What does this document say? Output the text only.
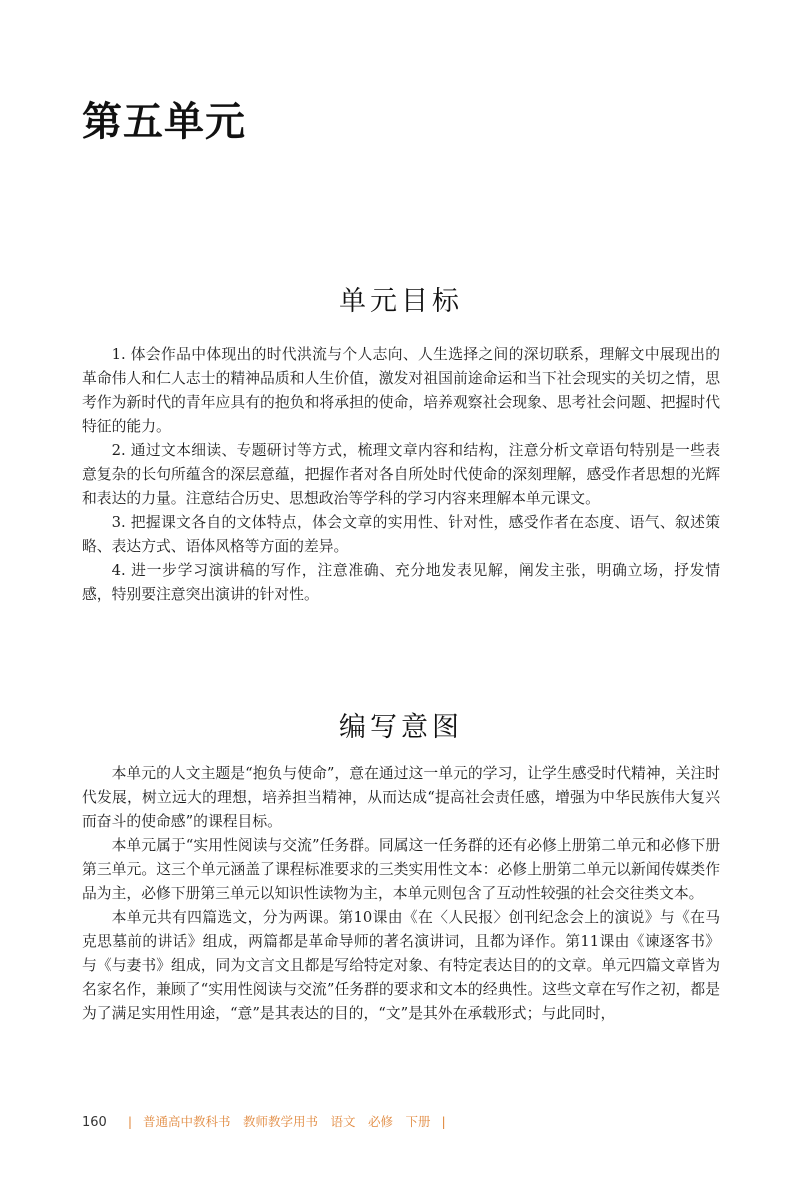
第五单元
单元目标

1. 体会作品中体现出的时代洪流与个人志向、人生选择之间的深切联系，理解文中展现出的革命伟人和仁人志士的精神品质和人生价值，激发对祖国前途命运和当下社会现实的关切之情，思考作为新时代的青年应具有的抱负和将承担的使命，培养观察社会现象、思考社会问题、把握时代特征的能力。

2. 通过文本细读、专题研讨等方式，梳理文章内容和结构，注意分析文章语句特别是一些表意复杂的长句所蕴含的深层意蕴，把握作者对各自所处时代使命的深刻理解，感受作者思想的光辉和表达的力量。注意结合历史、思想政治等学科的学习内容来理解本单元课文。

3. 把握课文各自的文体特点，体会文章的实用性、针对性，感受作者在态度、语气、叙述策略、表达方式、语体风格等方面的差异。

4. 进一步学习演讲稿的写作，注意准确、充分地发表见解，阐发主张，明确立场，抒发情感，特别要注意突出演讲的针对性。

编写意图

本单元的人文主题是“抱负与使命”，意在通过这一单元的学习，让学生感受时代精神，关注时代发展，树立远大的理想，培养担当精神，从而达成“提高社会责任感，增强为中华民族伟大复兴而奋斗的使命感”的课程目标。

本单元属于“实用性阅读与交流”任务群。同属这一任务群的还有必修上册第二单元和必修下册第三单元。这三个单元涵盖了课程标准要求的三类实用性文本：必修上册第二单元以新闻传媒类作品为主，必修下册第三单元以知识性读物为主，本单元则包含了互动性较强的社会交往类文本。

本单元共有四篇选文，分为两课。第10课由《在〈人民报〉创刊纪念会上的演说》与《在马克思墓前的讲话》组成，两篇都是革命导师的著名演讲词，且都为译作。第11课由《谏逐客书》与《与妻书》组成，同为文言文且都是写给特定对象、有特定表达目的的文章。单元四篇文章皆为名家名作，兼顾了“实用性阅读与交流”任务群的要求和文本的经典性。这些文章在写作之初，都是为了满足实用性用途，“意”是其表达的目的，“文”是其外在承载形式；与此同时，

160 | 普通高中教科书　教师教学用书　语文　必修　下册 |
